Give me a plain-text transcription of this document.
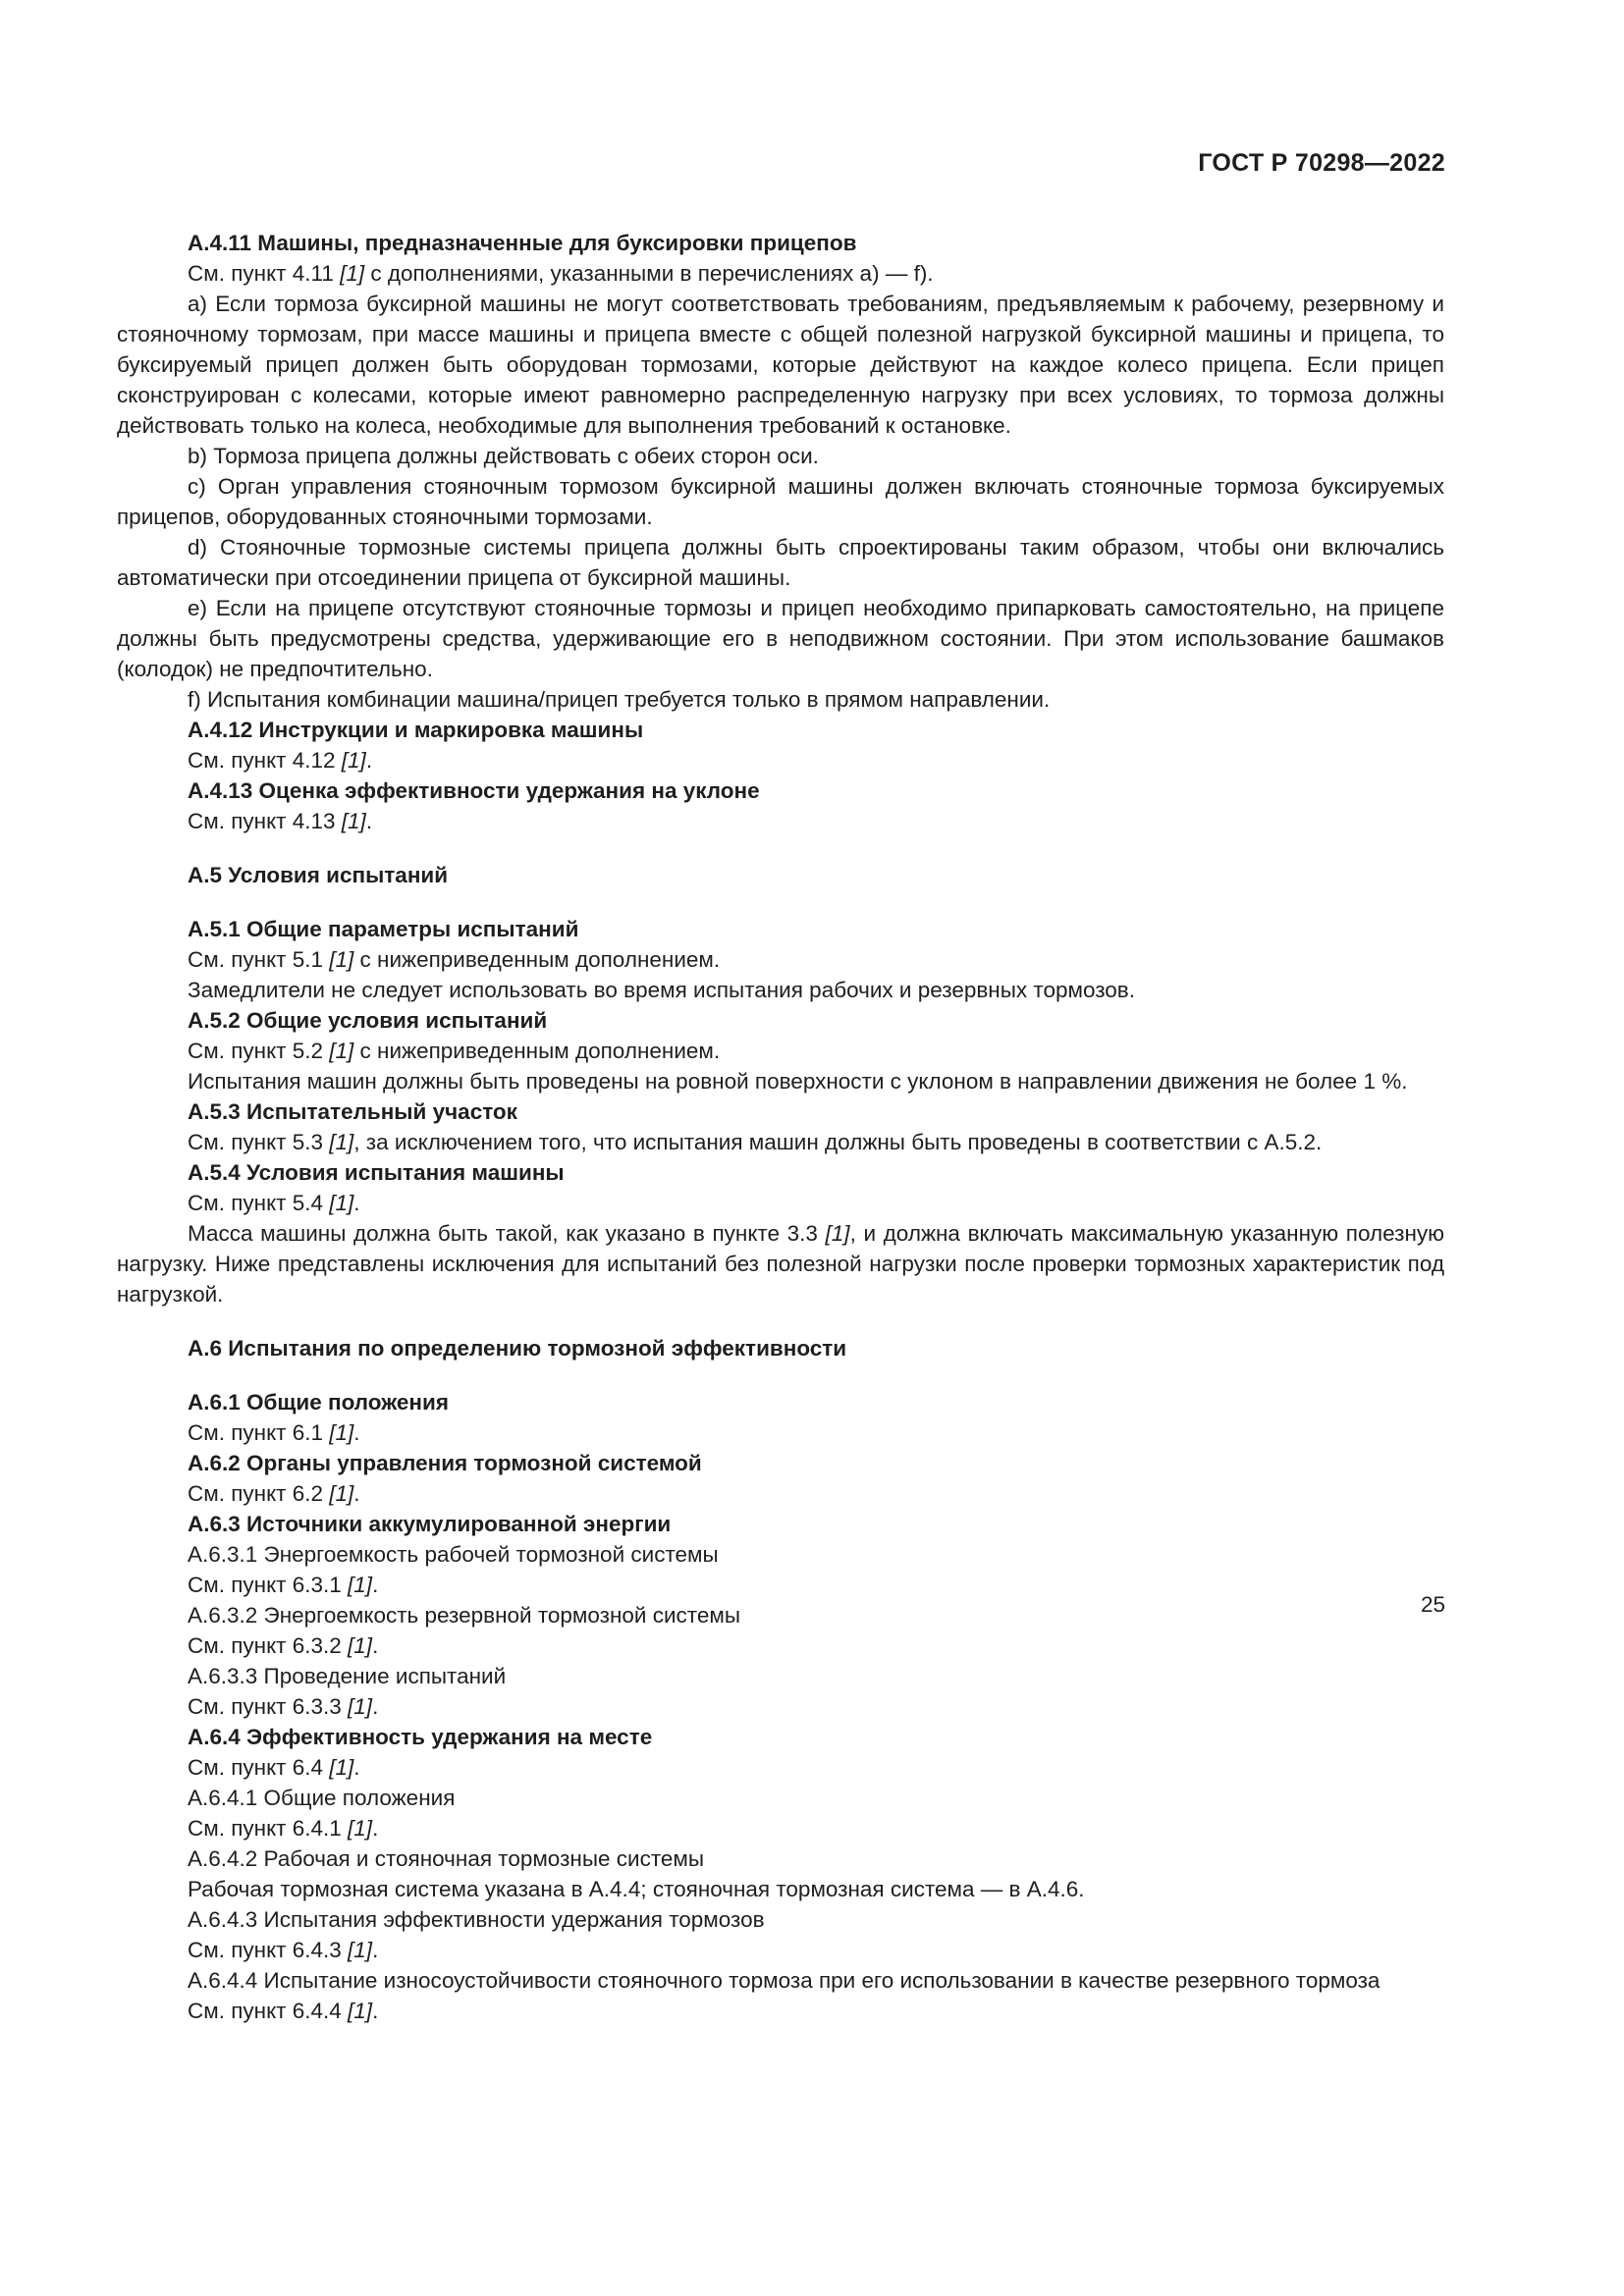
ГОСТ Р 70298—2022

А.4.11 Машины, предназначенные для буксировки прицепов

См. пункт 4.11 [1] с дополнениями, указанными в перечислениях а) — f).

a) Если тормоза буксирной машины не могут соответствовать требованиям, предъявляемым к рабочему, резервному и стояночному тормозам, при массе машины и прицепа вместе с общей полезной нагрузкой буксирной машины и прицепа, то буксируемый прицеп должен быть оборудован тормозами, которые действуют на каждое колесо прицепа. Если прицеп сконструирован с колесами, которые имеют равномерно распределенную нагрузку при всех условиях, то тормоза должны действовать только на колеса, необходимые для выполнения требований к остановке.

b) Тормоза прицепа должны действовать с обеих сторон оси.

c) Орган управления стояночным тормозом буксирной машины должен включать стояночные тормоза буксируемых прицепов, оборудованных стояночными тормозами.

d) Стояночные тормозные системы прицепа должны быть спроектированы таким образом, чтобы они включались автоматически при отсоединении прицепа от буксирной машины.

e) Если на прицепе отсутствуют стояночные тормозы и прицеп необходимо припарковать самостоятельно, на прицепе должны быть предусмотрены средства, удерживающие его в неподвижном состоянии. При этом использование башмаков (колодок) не предпочтительно.

f) Испытания комбинации машина/прицеп требуется только в прямом направлении.

А.4.12 Инструкции и маркировка машины

См. пункт 4.12 [1].

А.4.13 Оценка эффективности удержания на уклоне

См. пункт 4.13 [1].

А.5 Условия испытаний

А.5.1 Общие параметры испытаний

См. пункт 5.1 [1] с нижеприведенным дополнением.

Замедлители не следует использовать во время испытания рабочих и резервных тормозов.

А.5.2 Общие условия испытаний

См. пункт 5.2 [1] с нижеприведенным дополнением.

Испытания машин должны быть проведены на ровной поверхности с уклоном в направлении движения не более 1 %.

А.5.3 Испытательный участок

См. пункт 5.3 [1], за исключением того, что испытания машин должны быть проведены в соответствии с А.5.2.

А.5.4 Условия испытания машины

См. пункт 5.4 [1].

Масса машины должна быть такой, как указано в пункте 3.3 [1], и должна включать максимальную указанную полезную нагрузку. Ниже представлены исключения для испытаний без полезной нагрузки после проверки тормозных характеристик под нагрузкой.

А.6 Испытания по определению тормозной эффективности

А.6.1 Общие положения

См. пункт 6.1 [1].

А.6.2 Органы управления тормозной системой

См. пункт 6.2 [1].

А.6.3 Источники аккумулированной энергии

А.6.3.1 Энергоемкость рабочей тормозной системы

См. пункт 6.3.1 [1].

А.6.3.2 Энергоемкость резервной тормозной системы

См. пункт 6.3.2 [1].

А.6.3.3 Проведение испытаний

См. пункт 6.3.3 [1].

А.6.4 Эффективность удержания на месте

См. пункт 6.4 [1].

А.6.4.1 Общие положения

См. пункт 6.4.1 [1].

А.6.4.2 Рабочая и стояночная тормозные системы

Рабочая тормозная система указана в А.4.4; стояночная тормозная система — в А.4.6.

А.6.4.3 Испытания эффективности удержания тормозов

См. пункт 6.4.3 [1].

А.6.4.4 Испытание износоустойчивости стояночного тормоза при его использовании в качестве резервного тормоза

См. пункт 6.4.4 [1].

25
